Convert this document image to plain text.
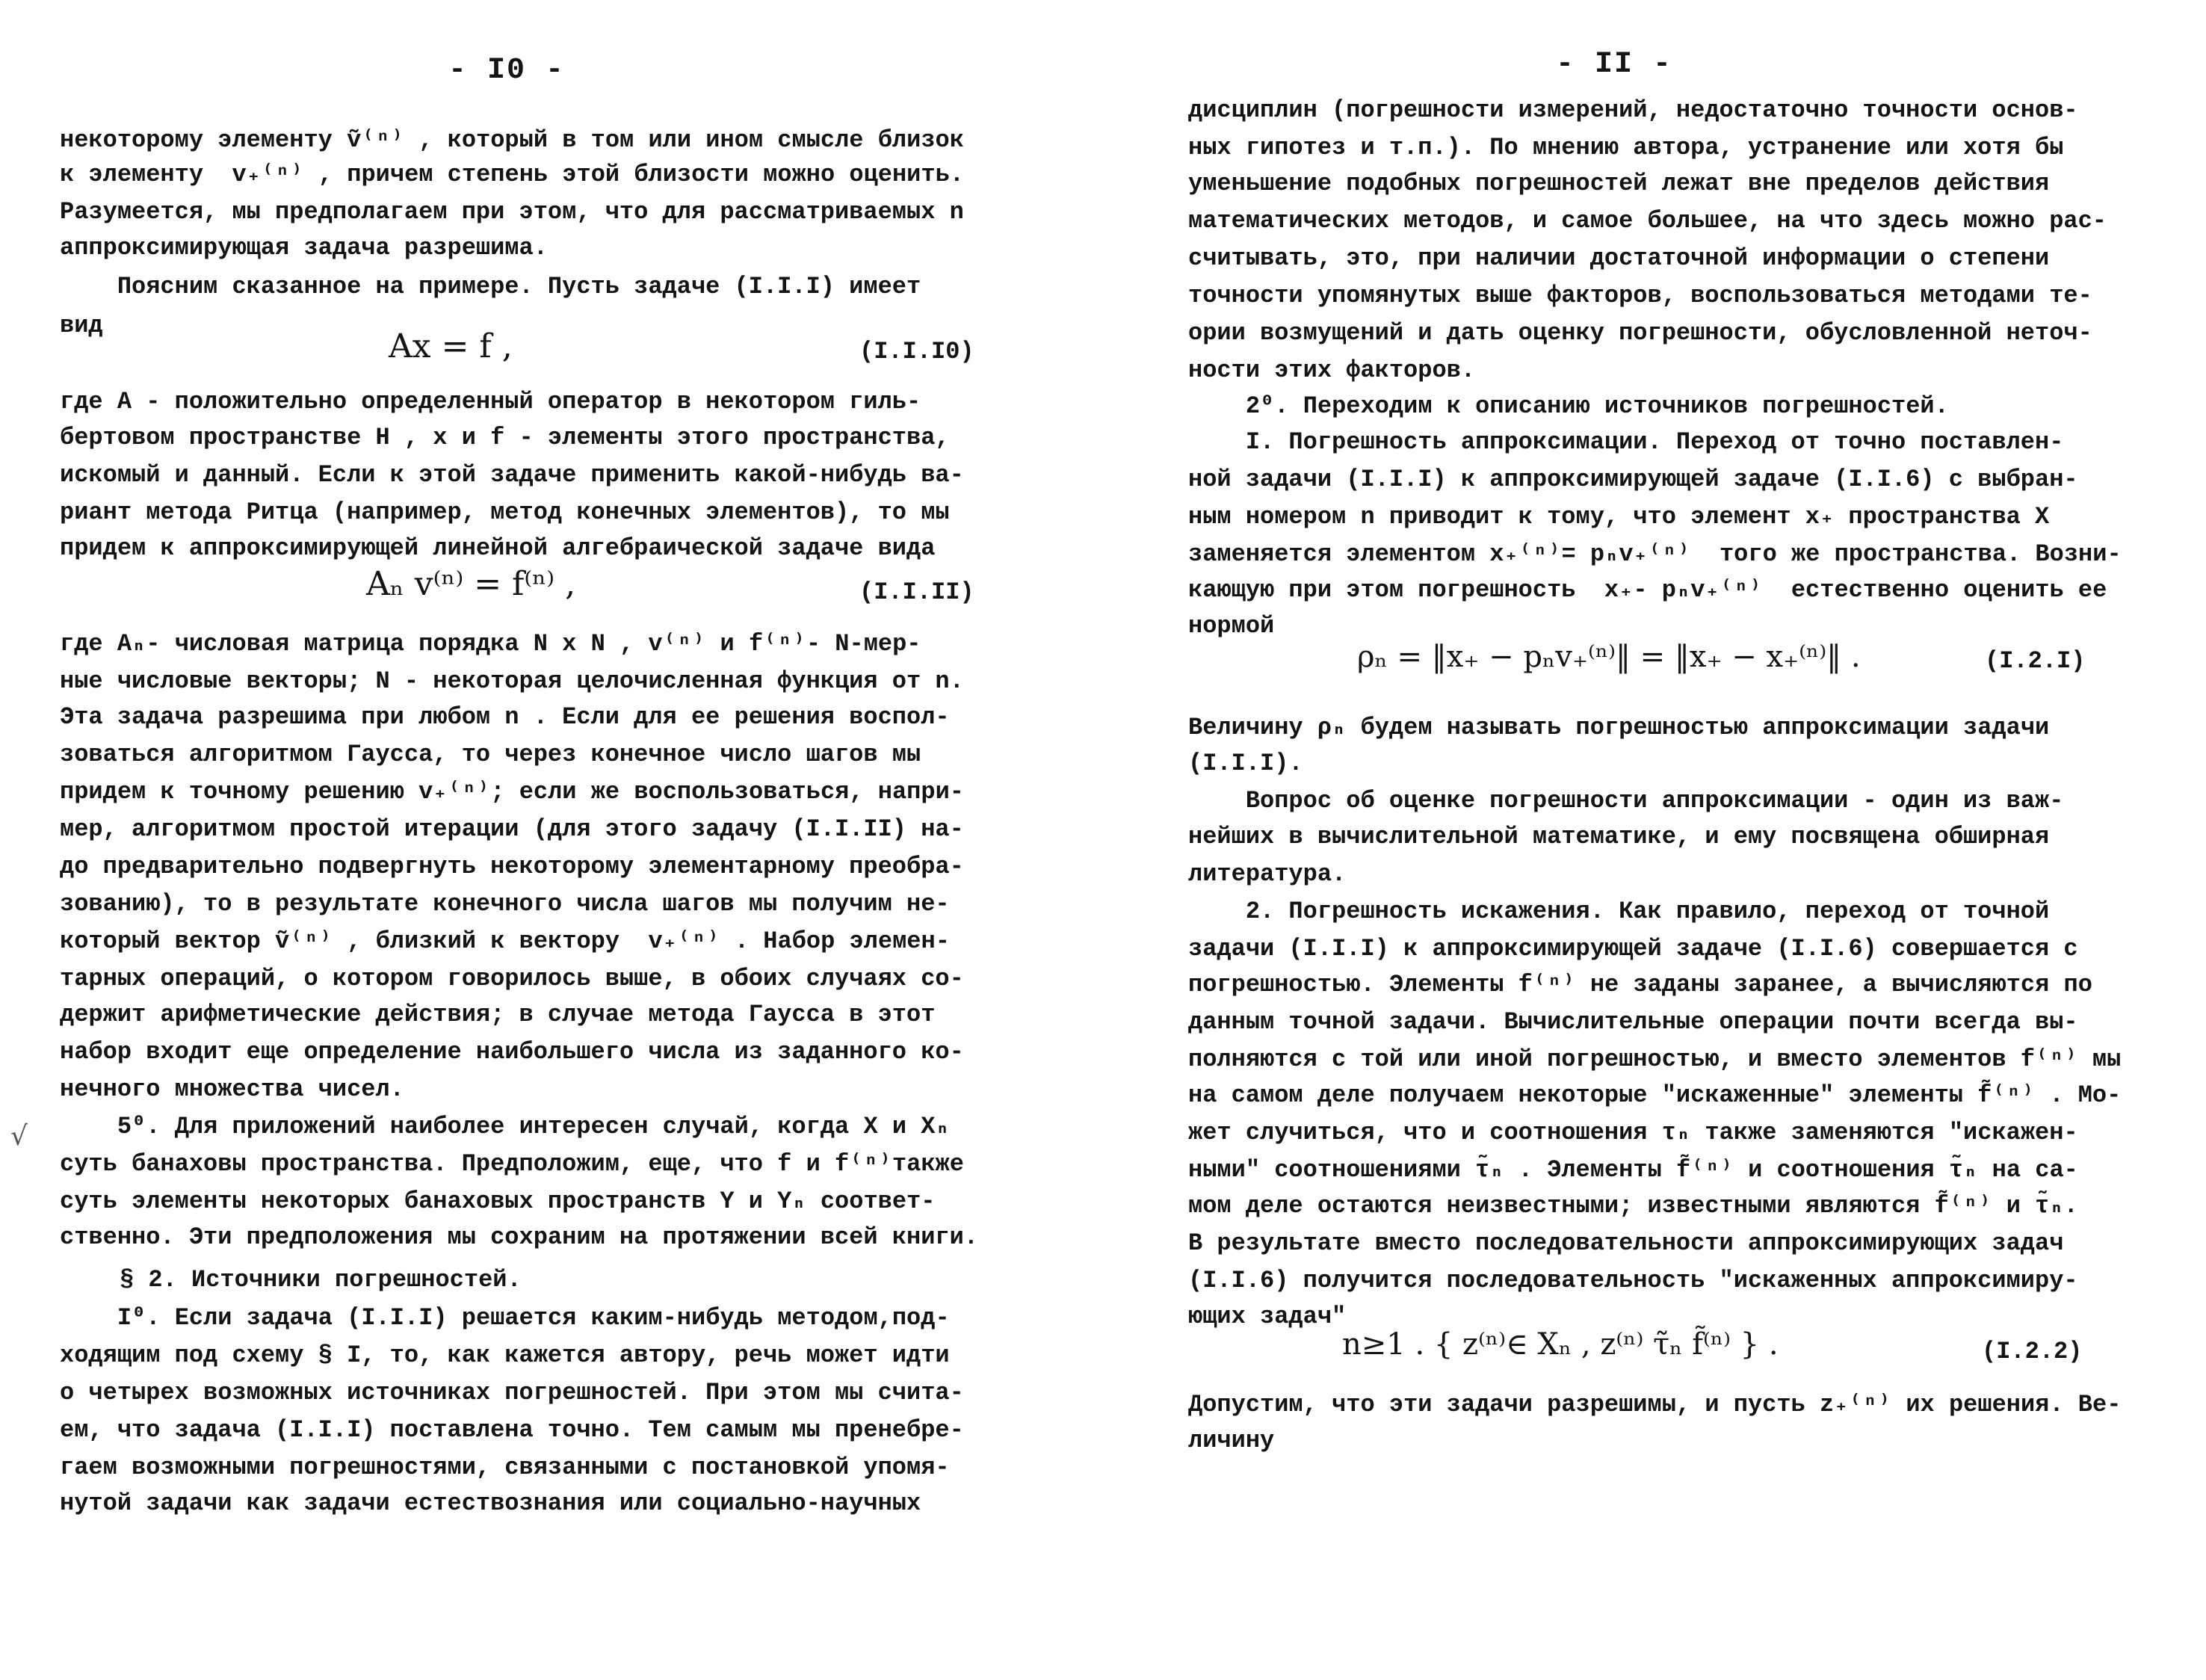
- I0 -
некоторому элементу ṽ⁽ⁿ⁾ , который в том или ином смысле близок
к элементу  v₊⁽ⁿ⁾ , причем степень этой близости можно оценить.
Разумеется, мы предполагаем при этом, что для рассматриваемых n
аппроксимирующая задача разрешима.
Поясним сказанное на примере. Пусть задаче (I.I.I) имеет
вид
Ax = f ,	(I.I.I0)
где A - положительно определенный оператор в некотором гиль-
бертовом пространстве H , x и f - элементы этого пространства,
искомый и данный. Если к этой задаче применить какой-нибудь ва-
риант метода Ритца (например, метод конечных элементов), то мы
придем к аппроксимирующей линейной алгебраической задаче вида
Aₙ v⁽ⁿ⁾ = f⁽ⁿ⁾ ,	(I.I.II)
где Aₙ- числовая матрица порядка N x N , v⁽ⁿ⁾ и f⁽ⁿ⁾- N-мер-
ные числовые векторы; N - некоторая целочисленная функция от n.
Эта задача разрешима при любом n . Если для ее решения воспол-
зоваться алгоритмом Гаусса, то через конечное число шагов мы
придем к точному решению v₊⁽ⁿ⁾; если же воспользоваться, напри-
мер, алгоритмом простой итерации (для этого задачу (I.I.II) на-
до предварительно подвергнуть некоторому элементарному преобра-
зованию), то в результате конечного числа шагов мы получим не-
который вектор ṽ⁽ⁿ⁾ , близкий к вектору  v₊⁽ⁿ⁾ . Набор элемен-
тарных операций, о котором говорилось выше, в обоих случаях со-
держит арифметические действия; в случае метода Гаусса в этот
набор входит еще определение наибольшего числа из заданного ко-
нечного множества чисел.
5⁰. Для приложений наиболее интересен случай, когда X и Xₙ
суть банаховы пространства. Предположим, еще, что f и f⁽ⁿ⁾также
суть элементы некоторых банаховых пространств Y и Yₙ соответ-
ственно. Эти предположения мы сохраним на протяжении всей книги.
√
§ 2. Источники погрешностей.
I⁰. Если задача (I.I.I) решается каким-нибудь методом,под-
ходящим под схему § I, то, как кажется автору, речь может идти
о четырех возможных источниках погрешностей. При этом мы счита-
ем, что задача (I.I.I) поставлена точно. Тем самым мы пренебре-
гаем возможными погрешностями, связанными с постановкой упомя-
нутой задачи как задачи естествознания или социально-научных
- II -
дисциплин (погрешности измерений, недостаточно точности основ-
ных гипотез и т.п.). По мнению автора, устранение или хотя бы
уменьшение подобных погрешностей лежат вне пределов действия
математических методов, и самое большее, на что здесь можно рас-
считывать, это, при наличии достаточной информации о степени
точности упомянутых выше факторов, воспользоваться методами те-
ории возмущений и дать оценку погрешности, обусловленной неточ-
ности этих факторов.
2⁰. Переходим к описанию источников погрешностей.
I. Погрешность аппроксимации. Переход от точно поставлен-
ной задачи (I.I.I) к аппроксимирующей задаче (I.I.6) с выбран-
ным номером n приводит к тому, что элемент x₊ пространства X
заменяется элементом x₊⁽ⁿ⁾= pₙv₊⁽ⁿ⁾  того же пространства. Возни-
кающую при этом погрешность  x₊- pₙv₊⁽ⁿ⁾  естественно оценить ее
нормой
ρₙ = ‖x₊ − pₙv₊⁽ⁿ⁾‖ = ‖x₊ − x₊⁽ⁿ⁾‖ .	(I.2.I)
Величину ρₙ будем называть погрешностью аппроксимации задачи
(I.I.I).
Вопрос об оценке погрешности аппроксимации - один из важ-
нейших в вычислительной математике, и ему посвящена обширная
литература.
2. Погрешность искажения. Как правило, переход от точной
задачи (I.I.I) к аппроксимирующей задаче (I.I.6) совершается с
погрешностью. Элементы f⁽ⁿ⁾ не заданы заранее, а вычисляются по
данным точной задачи. Вычислительные операции почти всегда вы-
полняются с той или иной погрешностью, и вместо элементов f⁽ⁿ⁾ мы
на самом деле получаем некоторые "искаженные" элементы f̃⁽ⁿ⁾ . Мо-
жет случиться, что и соотношения τₙ также заменяются "искажен-
ными" соотношениями τ̃ₙ . Элементы f̃⁽ⁿ⁾ и соотношения τ̃ₙ на са-
мом деле остаются неизвестными; известными являются f̃⁽ⁿ⁾ и τ̃ₙ.
В результате вместо последовательности аппроксимирующих задач
(I.I.6) получится последовательность "искаженных аппроксимиру-
ющих задач"
n≥1 . { z⁽ⁿ⁾∈ Xₙ , z⁽ⁿ⁾ τ̃ₙ f̃⁽ⁿ⁾ } .	(I.2.2)
Допустим, что эти задачи разрешимы, и пусть z₊⁽ⁿ⁾ их решения. Ве-
личину
